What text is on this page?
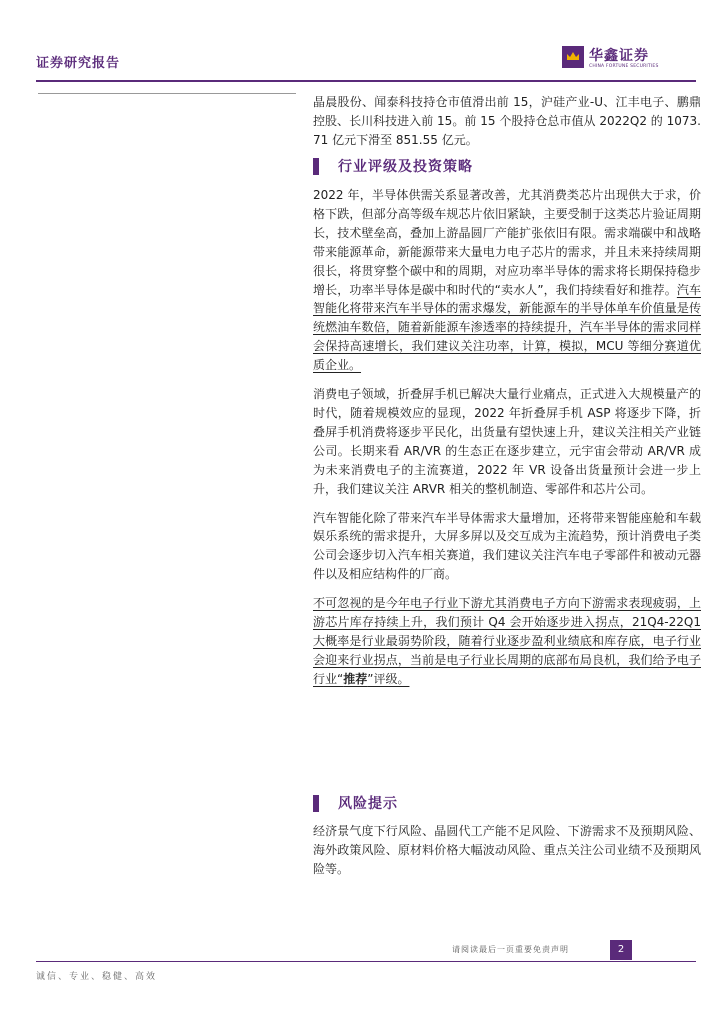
证券研究报告	华鑫证券
CHINA FORTUNE SECURITIES

晶晨股份、闻泰科技持仓市值滑出前 15，沪硅产业-U、江丰电子、鹏鼎控股、长川科技进入前 15。前 15 个股持仓总市值从 2022Q2 的 1073.71 亿元下滑至 851.55 亿元。

行业评级及投资策略

2022 年，半导体供需关系显著改善，尤其消费类芯片出现供大于求，价格下跌，但部分高等级车规芯片依旧紧缺，主要受制于这类芯片验证周期长，技术壁垒高，叠加上游晶圆厂产能扩张依旧有限。需求端碳中和战略带来能源革命，新能源带来大量电力电子芯片的需求，并且未来持续周期很长，将贯穿整个碳中和的周期，对应功率半导体的需求将长期保持稳步增长，功率半导体是碳中和时代的“卖水人”，我们持续看好和推荐。汽车智能化将带来汽车半导体的需求爆发，新能源车的半导体单车价值量是传统燃油车数倍，随着新能源车渗透率的持续提升，汽车半导体的需求同样会保持高速增长，我们建议关注功率，计算，模拟，MCU 等细分赛道优质企业。

消费电子领域，折叠屏手机已解决大量行业痛点，正式进入大规模量产的时代，随着规模效应的显现，2022 年折叠屏手机 ASP 将逐步下降，折叠屏手机消费将逐步平民化，出货量有望快速上升，建议关注相关产业链公司。长期来看 AR/VR 的生态正在逐步建立，元宇宙会带动 AR/VR 成为未来消费电子的主流赛道，2022 年 VR 设备出货量预计会进一步上升，我们建议关注 ARVR 相关的整机制造、零部件和芯片公司。

汽车智能化除了带来汽车半导体需求大量增加，还将带来智能座舱和车载娱乐系统的需求提升，大屏多屏以及交互成为主流趋势，预计消费电子类公司会逐步切入汽车相关赛道，我们建议关注汽车电子零部件和被动元器件以及相应结构件的厂商。

不可忽视的是今年电子行业下游尤其消费电子方向下游需求表现疲弱，上游芯片库存持续上升，我们预计 Q4 会开始逐步进入拐点，21Q4-22Q1 大概率是行业最弱势阶段，随着行业逐步盈利业绩底和库存底，电子行业会迎来行业拐点，当前是电子行业长周期的底部布局良机，我们给予电子行业“推荐”评级。

风险提示

经济景气度下行风险、晶圆代工产能不足风险、下游需求不及预期风险、海外政策风险、原材料价格大幅波动风险、重点关注公司业绩不及预期风险等。

请阅读最后一页重要免责声明	2
诚信、专业、稳健、高效
